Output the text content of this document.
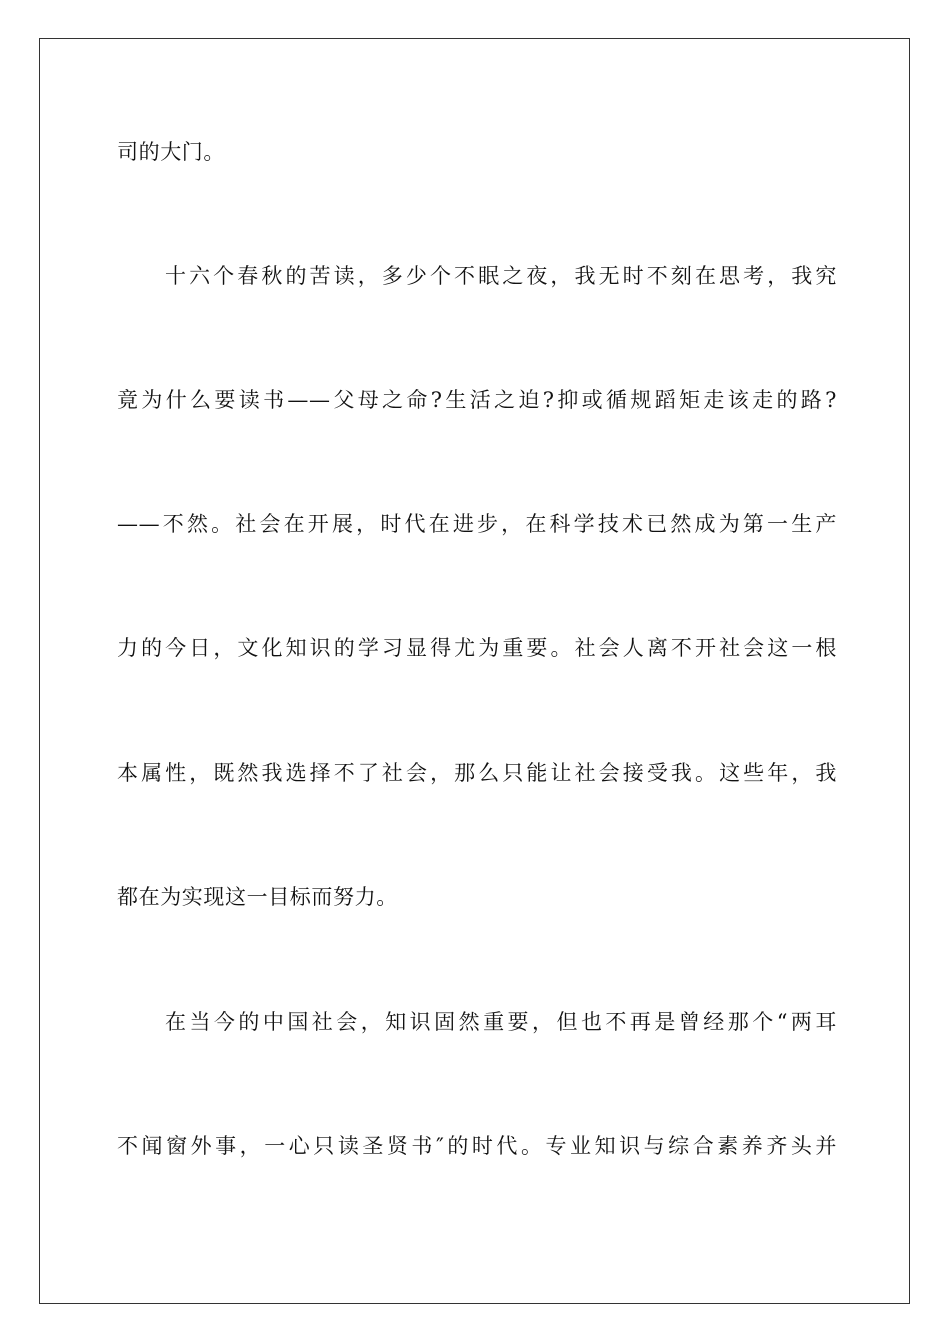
司的大门。
十六个春秋的苦读，多少个不眠之夜，我无时不刻在思考，我究
竟为什么要读书——父母之命?生活之迫?抑或循规蹈矩走该走的路?
——不然。社会在开展，时代在进步，在科学技术已然成为第一生产
力的今日，文化知识的学习显得尤为重要。社会人离不开社会这一根
本属性，既然我选择不了社会，那么只能让社会接受我。这些年，我
都在为实现这一目标而努力。
在当今的中国社会，知识固然重要，但也不再是曾经那个“两耳
不闻窗外事，一心只读圣贤书″的时代。专业知识与综合素养齐头并
